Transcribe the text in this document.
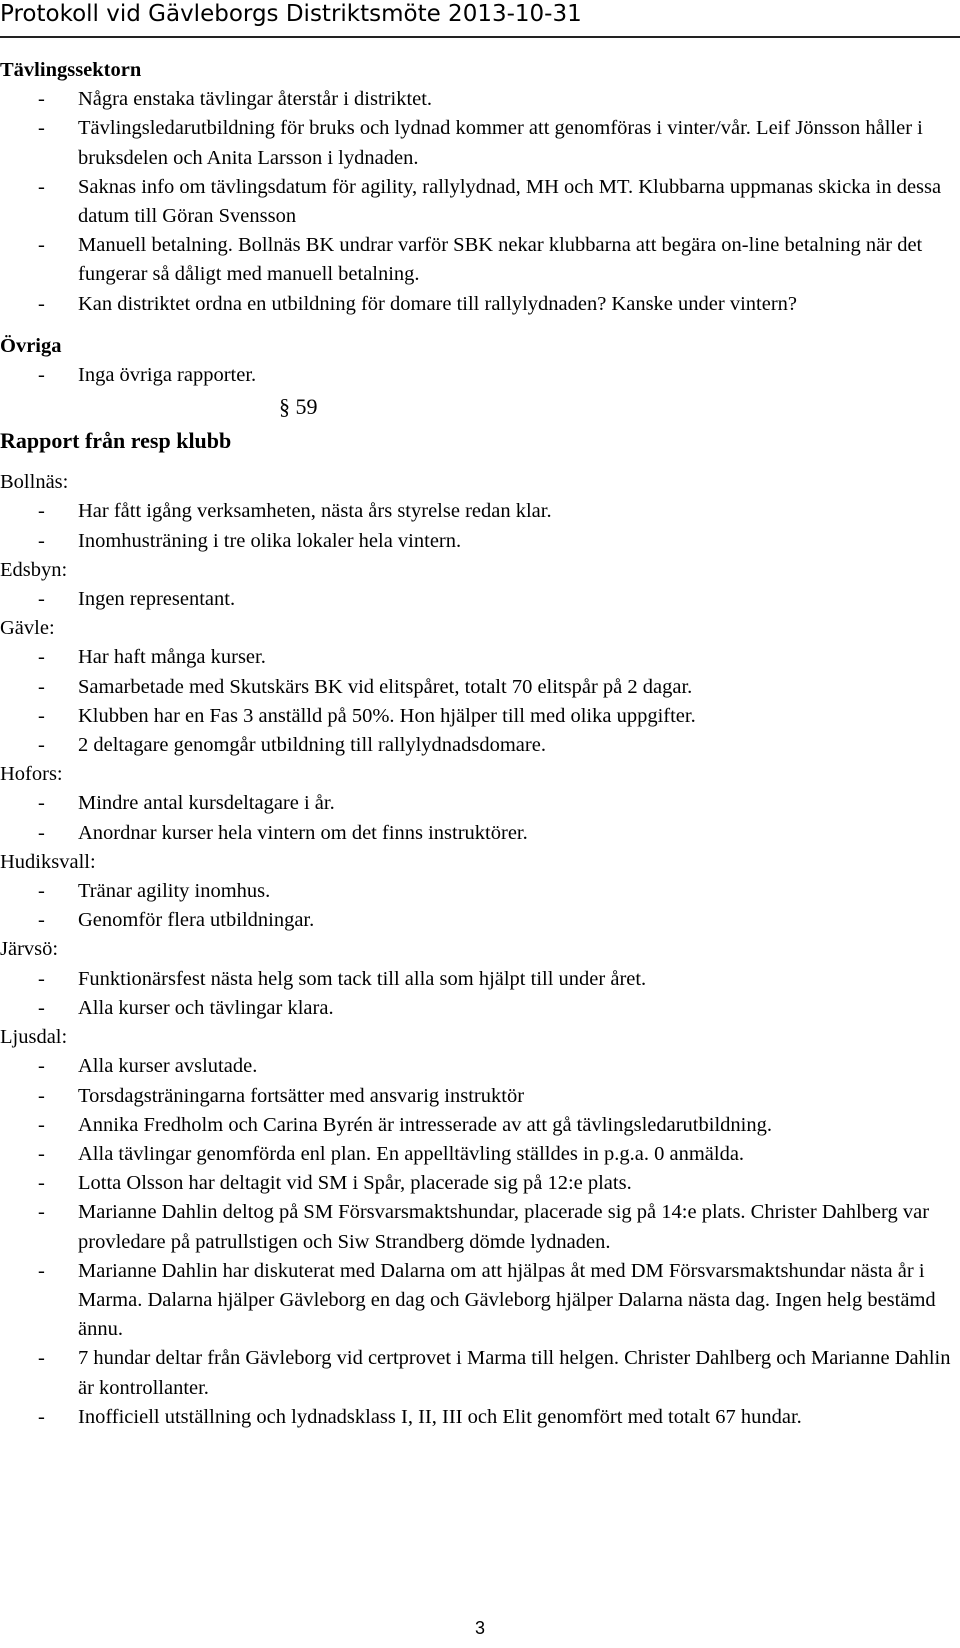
Protokoll vid Gävleborgs Distriktsmöte 2013-10-31
Tävlingssektorn
- Några enstaka tävlingar återstår i distriktet.
- Tävlingsledarutbildning för bruks och lydnad kommer att genomföras i vinter/vår. Leif Jönsson håller i bruksdelen och Anita Larsson i lydnaden.
- Saknas info om tävlingsdatum för agility, rallylydnad, MH och MT. Klubbarna uppmanas skicka in dessa datum till Göran Svensson
- Manuell betalning. Bollnäs BK undrar varför SBK nekar klubbarna att begära on-line betalning när det fungerar så dåligt med manuell betalning.
- Kan distriktet ordna en utbildning för domare till rallylydnaden? Kanske under vintern?
Övriga
- Inga övriga rapporter.
§ 59
Rapport från resp klubb
Bollnäs:
- Har fått igång verksamheten, nästa års styrelse redan klar.
- Inomhusträning i tre olika lokaler hela vintern.
Edsbyn:
- Ingen representant.
Gävle:
- Har haft många kurser.
- Samarbetade med Skutskärs BK vid elitspåret, totalt 70 elitspår på 2 dagar.
- Klubben har en Fas 3 anställd på 50%. Hon hjälper till med olika uppgifter.
- 2 deltagare genomgår utbildning till rallylydnadsdomare.
Hofors:
- Mindre antal kursdeltagare i år.
- Anordnar kurser hela vintern om det finns instruktörer.
Hudiksvall:
- Tränar agility inomhus.
- Genomför flera utbildningar.
Järvsö:
- Funktionärsfest nästa helg som tack till alla som hjälpt till under året.
- Alla kurser och tävlingar klara.
Ljusdal:
- Alla kurser avslutade.
- Torsdagsträningarna fortsätter med ansvarig instruktör
- Annika Fredholm och Carina Byrén är intresserade av att gå tävlingsledarutbildning.
- Alla tävlingar genomförda enl plan. En appelltävling ställdes in p.g.a. 0 anmälda.
- Lotta Olsson har deltagit vid SM i Spår, placerade sig på 12:e plats.
- Marianne Dahlin deltog på SM Försvarsmaktshundar, placerade sig på 14:e plats. Christer Dahlberg var provledare på patrullstigen och Siw Strandberg dömde lydnaden.
- Marianne Dahlin har diskuterat med Dalarna om att hjälpas åt med DM Försvarsmaktshundar nästa år i Marma. Dalarna hjälper Gävleborg en dag och Gävleborg hjälper Dalarna nästa dag. Ingen helg bestämd ännu.
- 7 hundar deltar från Gävleborg vid certprovet i Marma till helgen. Christer Dahlberg och Marianne Dahlin är kontrollanter.
- Inofficiell utställning och lydnadsklass I, II, III och Elit genomfört med totalt 67 hundar.
3
